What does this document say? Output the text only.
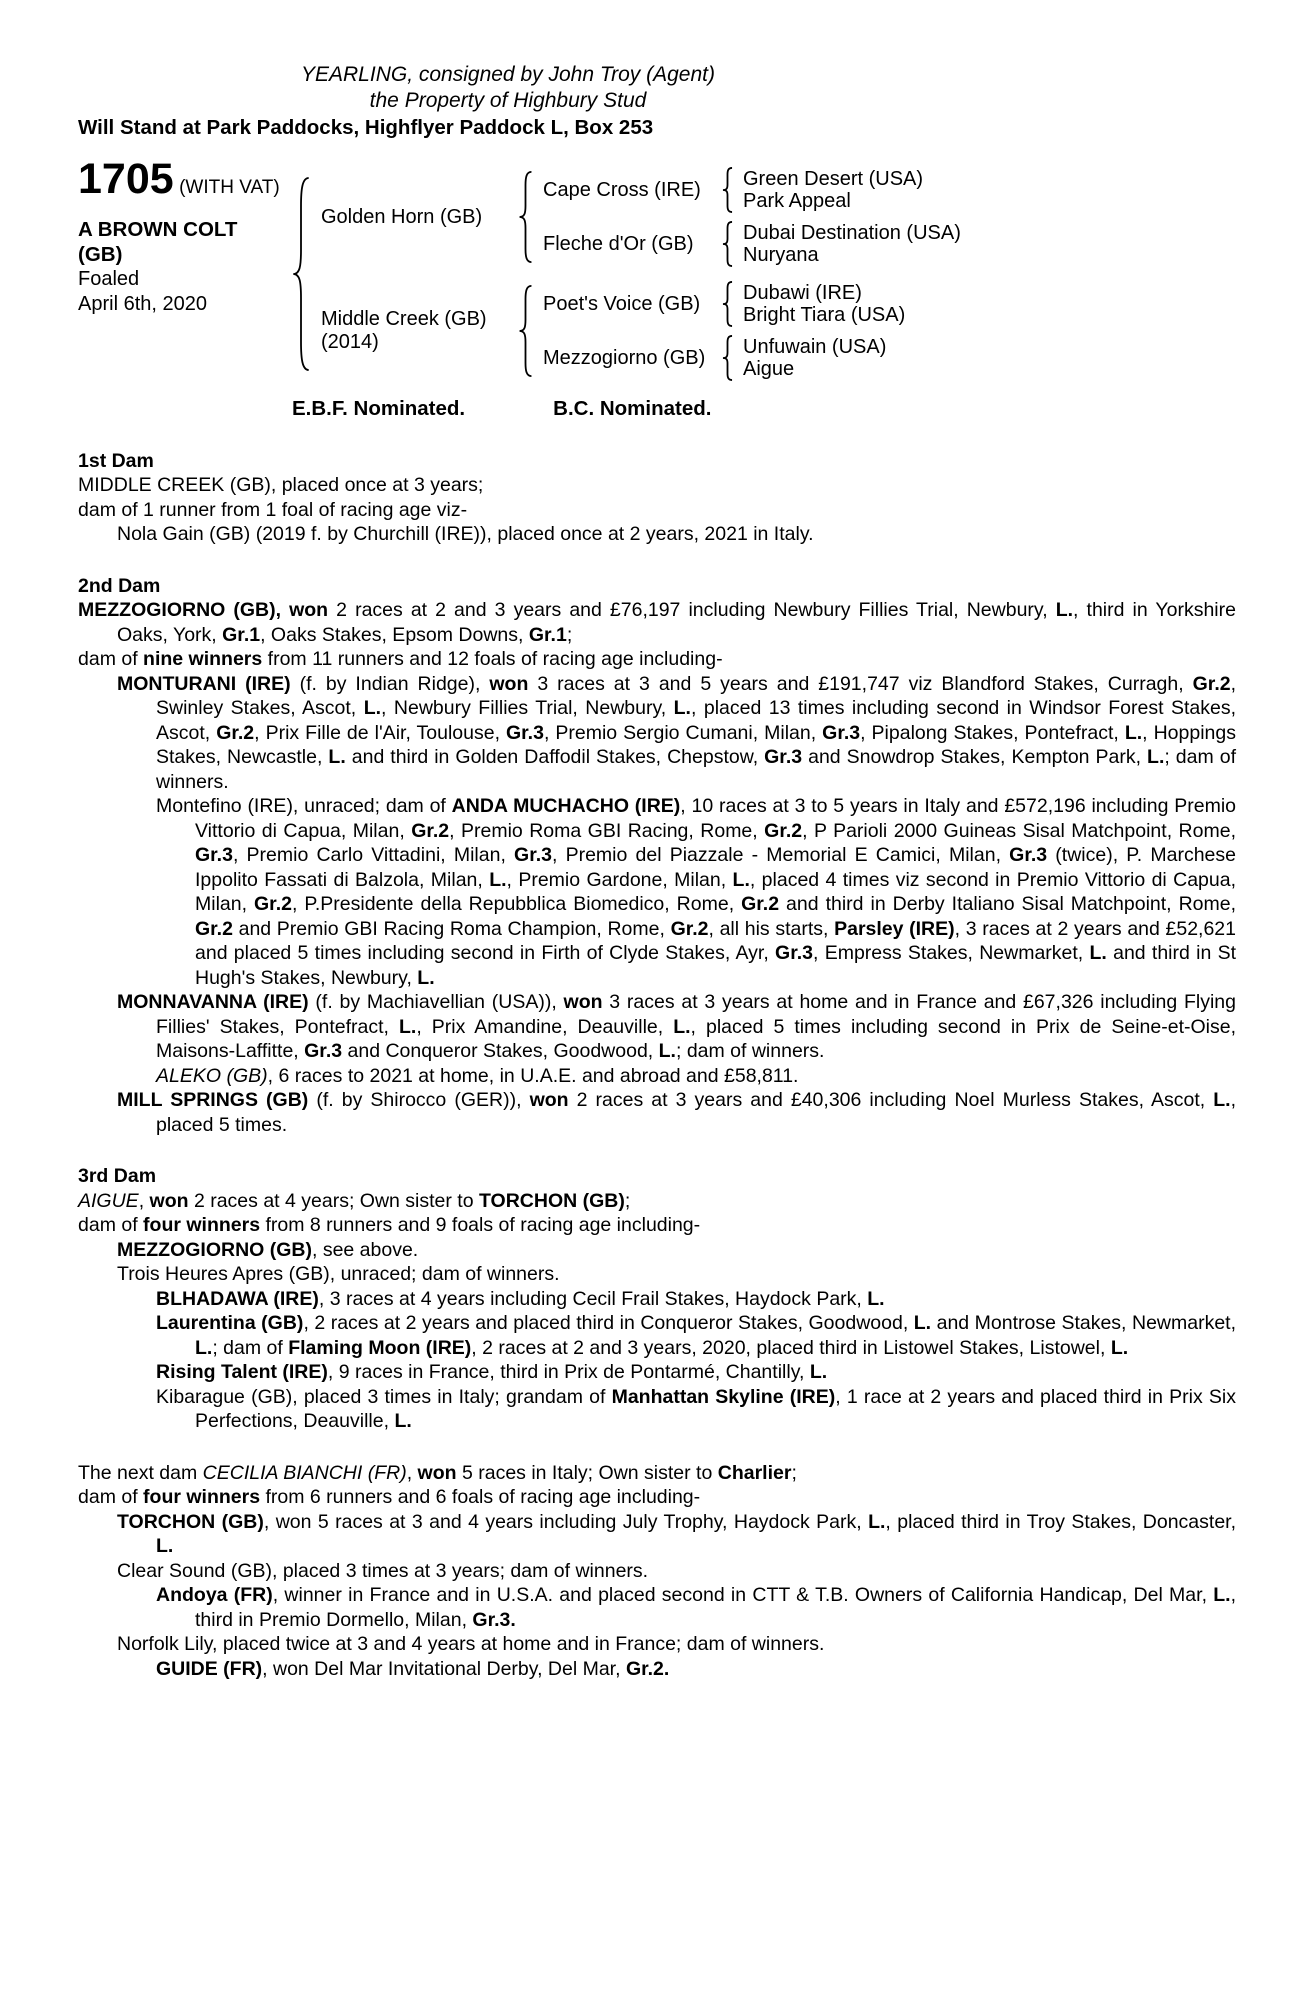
YEARLING, consigned by John Troy (Agent)
the Property of Highbury Stud
Will Stand at Park Paddocks, Highflyer Paddock L, Box 253
1705 (WITH VAT)
A BROWN COLT
(GB)
Foaled
April 6th, 2020
Golden Horn (GB)
Cape Cross (IRE)	Green Desert (USA)
Park Appeal
Fleche d'Or (GB)	Dubai Destination (USA)
Nuryana
Middle Creek (GB)
(2014)
Poet's Voice (GB)	Dubawi (IRE)
Bright Tiara (USA)
Mezzogiorno (GB)	Unfuwain (USA)
Aigue
E.B.F. Nominated.	B.C. Nominated.
1st Dam
MIDDLE CREEK (GB), placed once at 3 years;
dam of 1 runner from 1 foal of racing age viz-
Nola Gain (GB) (2019 f. by Churchill (IRE)), placed once at 2 years, 2021 in Italy.
2nd Dam
MEZZOGIORNO (GB), won 2 races at 2 and 3 years and £76,197 including Newbury Fillies Trial, Newbury, L., third in Yorkshire Oaks, York, Gr.1, Oaks Stakes, Epsom Downs, Gr.1;
dam of nine winners from 11 runners and 12 foals of racing age including-
MONTURANI (IRE) (f. by Indian Ridge), won 3 races at 3 and 5 years and £191,747 viz Blandford Stakes, Curragh, Gr.2, Swinley Stakes, Ascot, L., Newbury Fillies Trial, Newbury, L., placed 13 times including second in Windsor Forest Stakes, Ascot, Gr.2, Prix Fille de l'Air, Toulouse, Gr.3, Premio Sergio Cumani, Milan, Gr.3, Pipalong Stakes, Pontefract, L., Hoppings Stakes, Newcastle, L. and third in Golden Daffodil Stakes, Chepstow, Gr.3 and Snowdrop Stakes, Kempton Park, L.; dam of winners.
Montefino (IRE), unraced; dam of ANDA MUCHACHO (IRE), 10 races at 3 to 5 years in Italy and £572,196 including Premio Vittorio di Capua, Milan, Gr.2, Premio Roma GBI Racing, Rome, Gr.2, P Parioli 2000 Guineas Sisal Matchpoint, Rome, Gr.3, Premio Carlo Vittadini, Milan, Gr.3, Premio del Piazzale - Memorial E Camici, Milan, Gr.3 (twice), P. Marchese Ippolito Fassati di Balzola, Milan, L., Premio Gardone, Milan, L., placed 4 times viz second in Premio Vittorio di Capua, Milan, Gr.2, P.Presidente della Repubblica Biomedico, Rome, Gr.2 and third in Derby Italiano Sisal Matchpoint, Rome, Gr.2 and Premio GBI Racing Roma Champion, Rome, Gr.2, all his starts, Parsley (IRE), 3 races at 2 years and £52,621 and placed 5 times including second in Firth of Clyde Stakes, Ayr, Gr.3, Empress Stakes, Newmarket, L. and third in St Hugh's Stakes, Newbury, L.
MONNAVANNA (IRE) (f. by Machiavellian (USA)), won 3 races at 3 years at home and in France and £67,326 including Flying Fillies' Stakes, Pontefract, L., Prix Amandine, Deauville, L., placed 5 times including second in Prix de Seine-et-Oise, Maisons-Laffitte, Gr.3 and Conqueror Stakes, Goodwood, L.; dam of winners.
ALEKO (GB), 6 races to 2021 at home, in U.A.E. and abroad and £58,811.
MILL SPRINGS (GB) (f. by Shirocco (GER)), won 2 races at 3 years and £40,306 including Noel Murless Stakes, Ascot, L., placed 5 times.
3rd Dam
AIGUE, won 2 races at 4 years; Own sister to TORCHON (GB);
dam of four winners from 8 runners and 9 foals of racing age including-
MEZZOGIORNO (GB), see above.
Trois Heures Apres (GB), unraced; dam of winners.
BLHADAWA (IRE), 3 races at 4 years including Cecil Frail Stakes, Haydock Park, L.
Laurentina (GB), 2 races at 2 years and placed third in Conqueror Stakes, Goodwood, L. and Montrose Stakes, Newmarket, L.; dam of Flaming Moon (IRE), 2 races at 2 and 3 years, 2020, placed third in Listowel Stakes, Listowel, L.
Rising Talent (IRE), 9 races in France, third in Prix de Pontarmé, Chantilly, L.
Kibarague (GB), placed 3 times in Italy; grandam of Manhattan Skyline (IRE), 1 race at 2 years and placed third in Prix Six Perfections, Deauville, L.
The next dam CECILIA BIANCHI (FR), won 5 races in Italy; Own sister to Charlier;
dam of four winners from 6 runners and 6 foals of racing age including-
TORCHON (GB), won 5 races at 3 and 4 years including July Trophy, Haydock Park, L., placed third in Troy Stakes, Doncaster, L.
Clear Sound (GB), placed 3 times at 3 years; dam of winners.
Andoya (FR), winner in France and in U.S.A. and placed second in CTT & T.B. Owners of California Handicap, Del Mar, L., third in Premio Dormello, Milan, Gr.3.
Norfolk Lily, placed twice at 3 and 4 years at home and in France; dam of winners.
GUIDE (FR), won Del Mar Invitational Derby, Del Mar, Gr.2.
